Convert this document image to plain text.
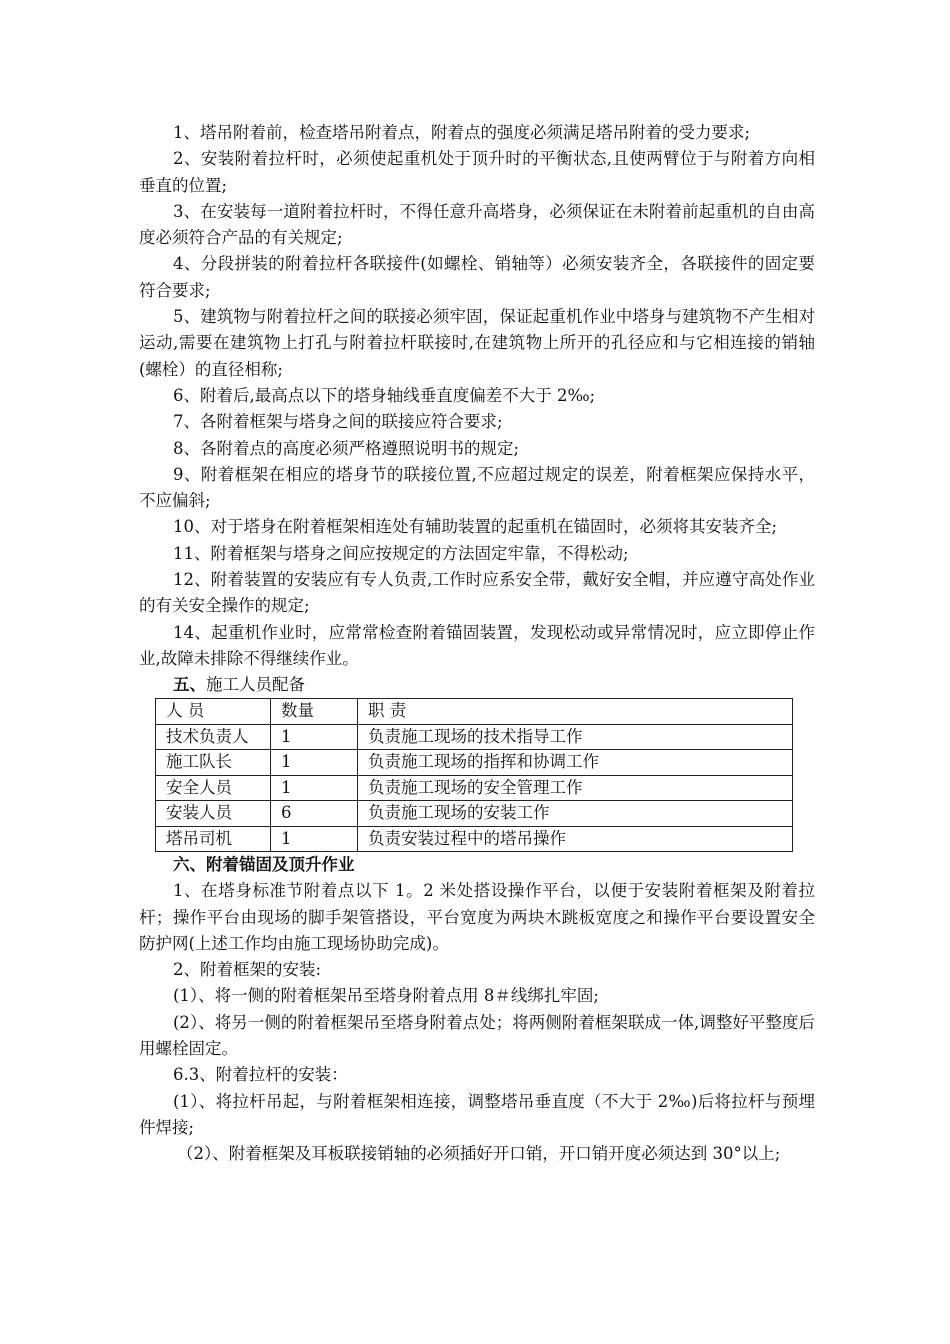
1、塔吊附着前，检查塔吊附着点，附着点的强度必须满足塔吊附着的受力要求;

2、安装附着拉杆时，必须使起重机处于顶升时的平衡状态,且使两臂位于与附着方向相垂直的位置;

3、在安装每一道附着拉杆时，不得任意升高塔身，必须保证在未附着前起重机的自由高度必须符合产品的有关规定;

4、分段拼装的附着拉杆各联接件(如螺栓、销轴等）必须安装齐全，各联接件的固定要符合要求;

5、建筑物与附着拉杆之间的联接必须牢固，保证起重机作业中塔身与建筑物不产生相对运动,需要在建筑物上打孔与附着拉杆联接时,在建筑物上所开的孔径应和与它相连接的销轴(螺栓）的直径相称;

6、附着后,最高点以下的塔身轴线垂直度偏差不大于 2‰;

7、各附着框架与塔身之间的联接应符合要求;

8、各附着点的高度必须严格遵照说明书的规定;

9、附着框架在相应的塔身节的联接位置,不应超过规定的误差，附着框架应保持水平，不应偏斜;

10、对于塔身在附着框架相连处有辅助装置的起重机在锚固时，必须将其安装齐全;

11、附着框架与塔身之间应按规定的方法固定牢靠，不得松动;

12、附着装置的安装应有专人负责,工作时应系安全带，戴好安全帽，并应遵守高处作业的有关安全操作的规定;

14、起重机作业时，应常常检查附着锚固装置，发现松动或异常情况时，应立即停止作业,故障未排除不得继续作业。

五、施工人员配备

人 员	数量	职 责
技术负责人	1	负责施工现场的技术指导工作
施工队长	1	负责施工现场的指挥和协调工作
安全人员	1	负责施工现场的安全管理工作
安装人员	6	负责施工现场的安装工作
塔吊司机	1	负责安装过程中的塔吊操作

六、附着锚固及顶升作业

1、在塔身标准节附着点以下 1。2 米处搭设操作平台，以便于安装附着框架及附着拉杆；操作平台由现场的脚手架管搭设，平台宽度为两块木跳板宽度之和操作平台要设置安全防护网(上述工作均由施工现场协助完成)。

2、附着框架的安装:

(1）、将一侧的附着框架吊至塔身附着点用 8＃线绑扎牢固;

(2）、将另一侧的附着框架吊至塔身附着点处；将两侧附着框架联成一体,调整好平整度后用螺栓固定。

6.3、附着拉杆的安装：

(1）、将拉杆吊起，与附着框架相连接，调整塔吊垂直度（不大于 2‰)后将拉杆与预埋件焊接;

（2）、附着框架及耳板联接销轴的必须插好开口销，开口销开度必须达到 30°以上;
